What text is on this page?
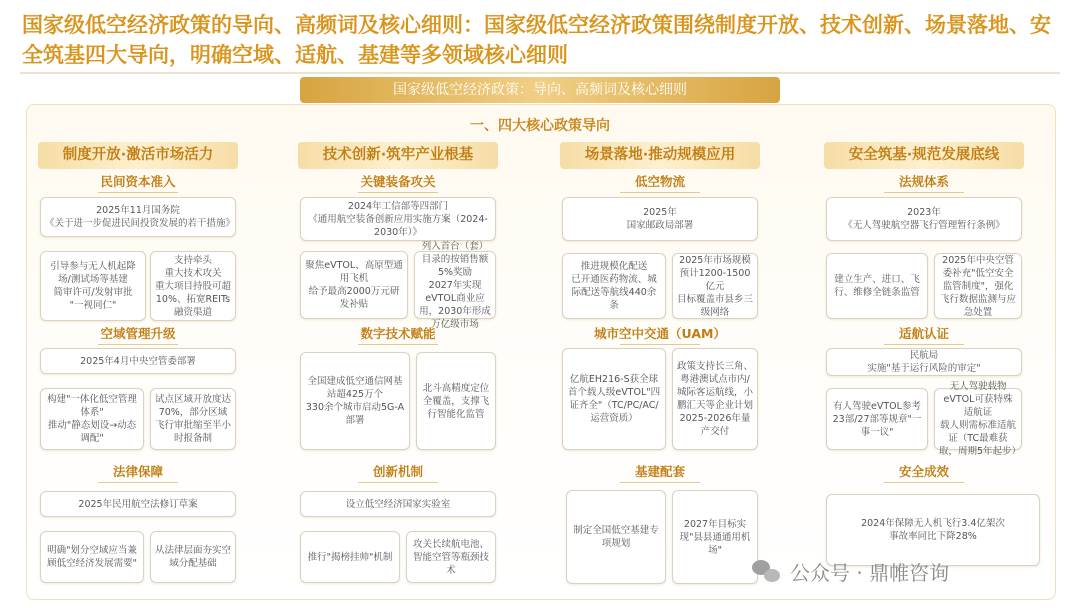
国家级低空经济政策的导向、高频词及核心细则：国家级低空经济政策围绕制度开放、技术创新、场景落地、安全筑基四大导向，明确空域、适航、基建等多领域核心细则
国家级低空经济政策：导向、高频词及核心细则
一、四大核心政策导向
制度开放·激活市场活力	技术创新·筑牢产业根基	场景落地·推动规模应用	安全筑基·规范发展底线
民间资本准入
2025年11月国务院
《关于进一步促进民间投资发展的若干措施》
引导参与无人机起降场/测试场等基建
简审许可/发射审批
"一视同仁"
支持牵头
重大技术攻关
重大项目持股可超10%、拓宽REITs融资渠道
空域管理升级
2025年4月中央空管委部署
构建"一体化低空管理体系"
推动"静态划设→动态调配"
试点区域开放度达70%，部分区域飞行审批缩至半小时报备制
法律保障
2025年民用航空法修订草案
明确"划分空域应当兼顾低空经济发展需要"
从法律层面夯实空域分配基础
关键装备攻关
2024年工信部等四部门
《通用航空装备创新应用实施方案（2024-2030年）》
聚焦eVTOL、高原型通用飞机
给予最高2000万元研发补贴
列入首台（套）目录的按销售额5%奖励
2027年实现eVTOL商业应用，2030年形成万亿级市场
数字技术赋能
全国建成低空通信网基站超425万个
330余个城市启动5G-A部署
北斗高精度定位全覆盖，支撑飞行智能化监管
创新机制
设立低空经济国家实验室
推行"揭榜挂帅"机制
攻关长续航电池、智能空管等瓶颈技术
低空物流
2025年
国家邮政局部署
推进规模化配送
已开通医药物流、城际配送等航线440余条
2025年市场规模预计1200-1500亿元
目标覆盖市县乡三级网络
城市空中交通（UAM）
亿航EH216-S获全球首个载人级eVTOL"四证齐全"（TC/PC/AC/运营资质）
政策支持长三角、粤港澳试点市内/城际客运航线，小鹏汇天等企业计划2025-2026年量产交付
基建配套
制定全国低空基建专项规划
2027年目标实现"县县通通用机场"
法规体系
2023年
《无人驾驶航空器飞行管理暂行条例》
建立生产、进口、飞行、维修全链条监管
2025年中央空管委补充"低空安全监管制度"，强化飞行数据监测与应急处置
适航认证
民航局
实施"基于运行风险的审定"
有人驾驶eVTOL参考23部/27部等规章"一事一议"
无人驾驶载物eVTOL可获特殊适航证
载人则需标准适航证（TC最难获取，周期5年起步）
安全成效
2024年保障无人机飞行3.4亿架次
事故率同比下降28%
公众号 · 鼎帷咨询
